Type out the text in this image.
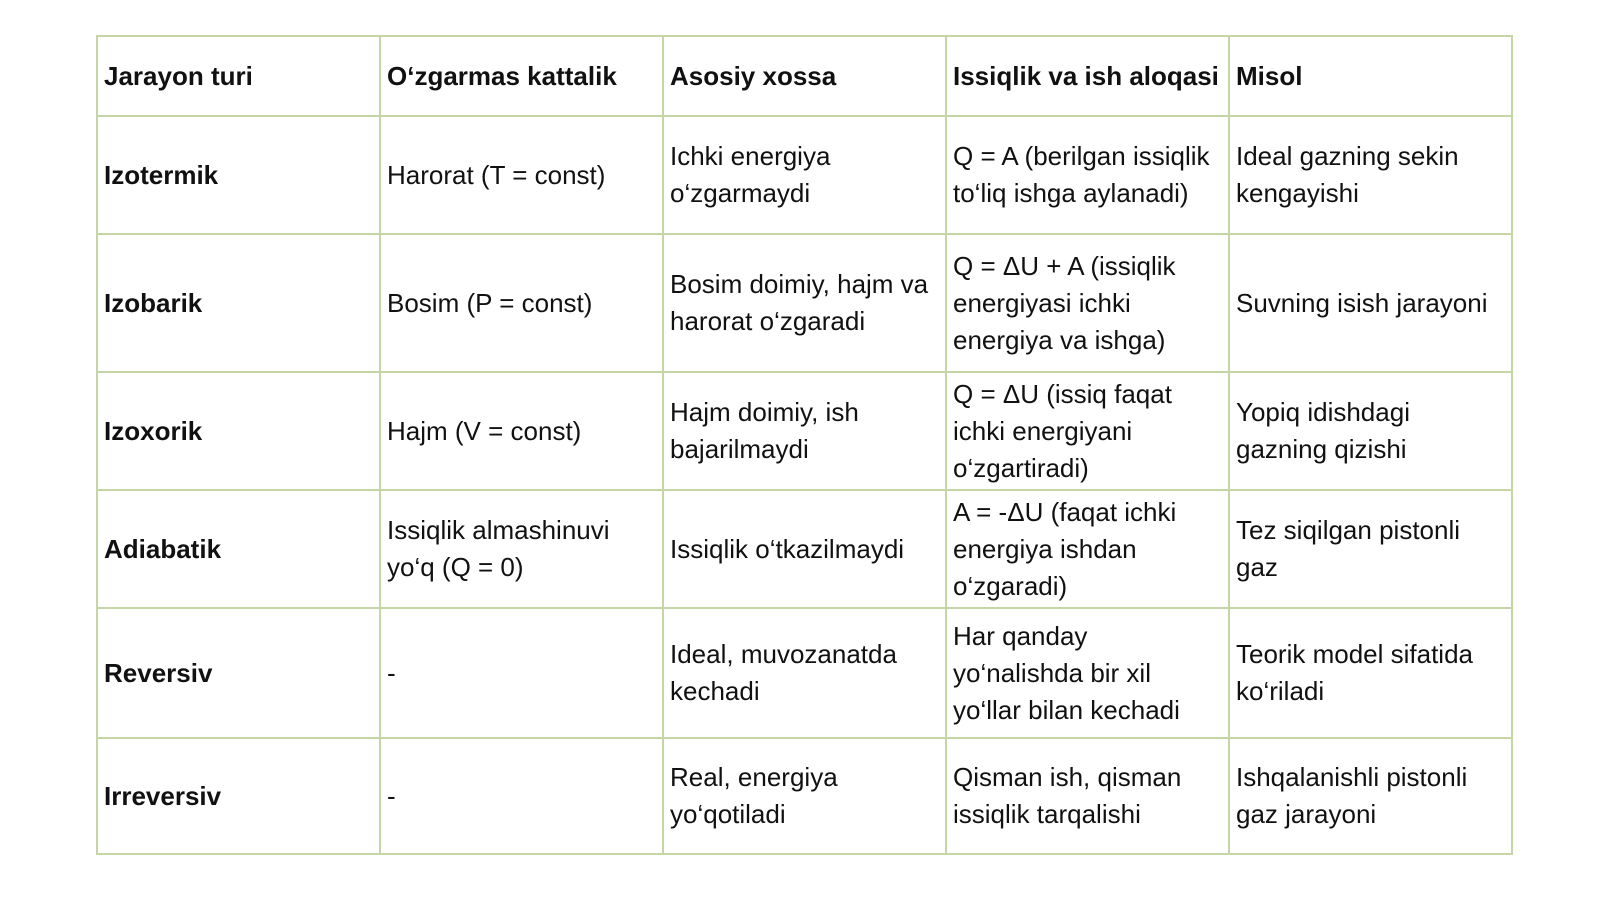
Jarayon turi	O‘zgarmas kattalik	Asosiy xossa	Issiqlik va ish aloqasi	Misol
Izotermik	Harorat (T = const)	Ichki energiya o‘zgarmaydi	Q = A (berilgan issiqlik to‘liq ishga aylanadi)	Ideal gazning sekin kengayishi
Izobarik	Bosim (P = const)	Bosim doimiy, hajm va harorat o‘zgaradi	Q = ΔU + A (issiqlik energiyasi ichki energiya va ishga)	Suvning isish jarayoni
Izoxorik	Hajm (V = const)	Hajm doimiy, ish bajarilmaydi	Q = ΔU (issiq faqat ichki energiyani o‘zgartiradi)	Yopiq idishdagi gazning qizishi
Adiabatik	Issiqlik almashinuvi yo‘q (Q = 0)	Issiqlik o‘tkazilmaydi	A = -ΔU (faqat ichki energiya ishdan o‘zgaradi)	Tez siqilgan pistonli gaz
Reversiv	-	Ideal, muvozanatda kechadi	Har qanday yo‘nalishda bir xil yo‘llar bilan kechadi	Teorik model sifatida ko‘riladi
Irreversiv	-	Real, energiya yo‘qotiladi	Qisman ish, qisman issiqlik tarqalishi	Ishqalanishli pistonli gaz jarayoni
